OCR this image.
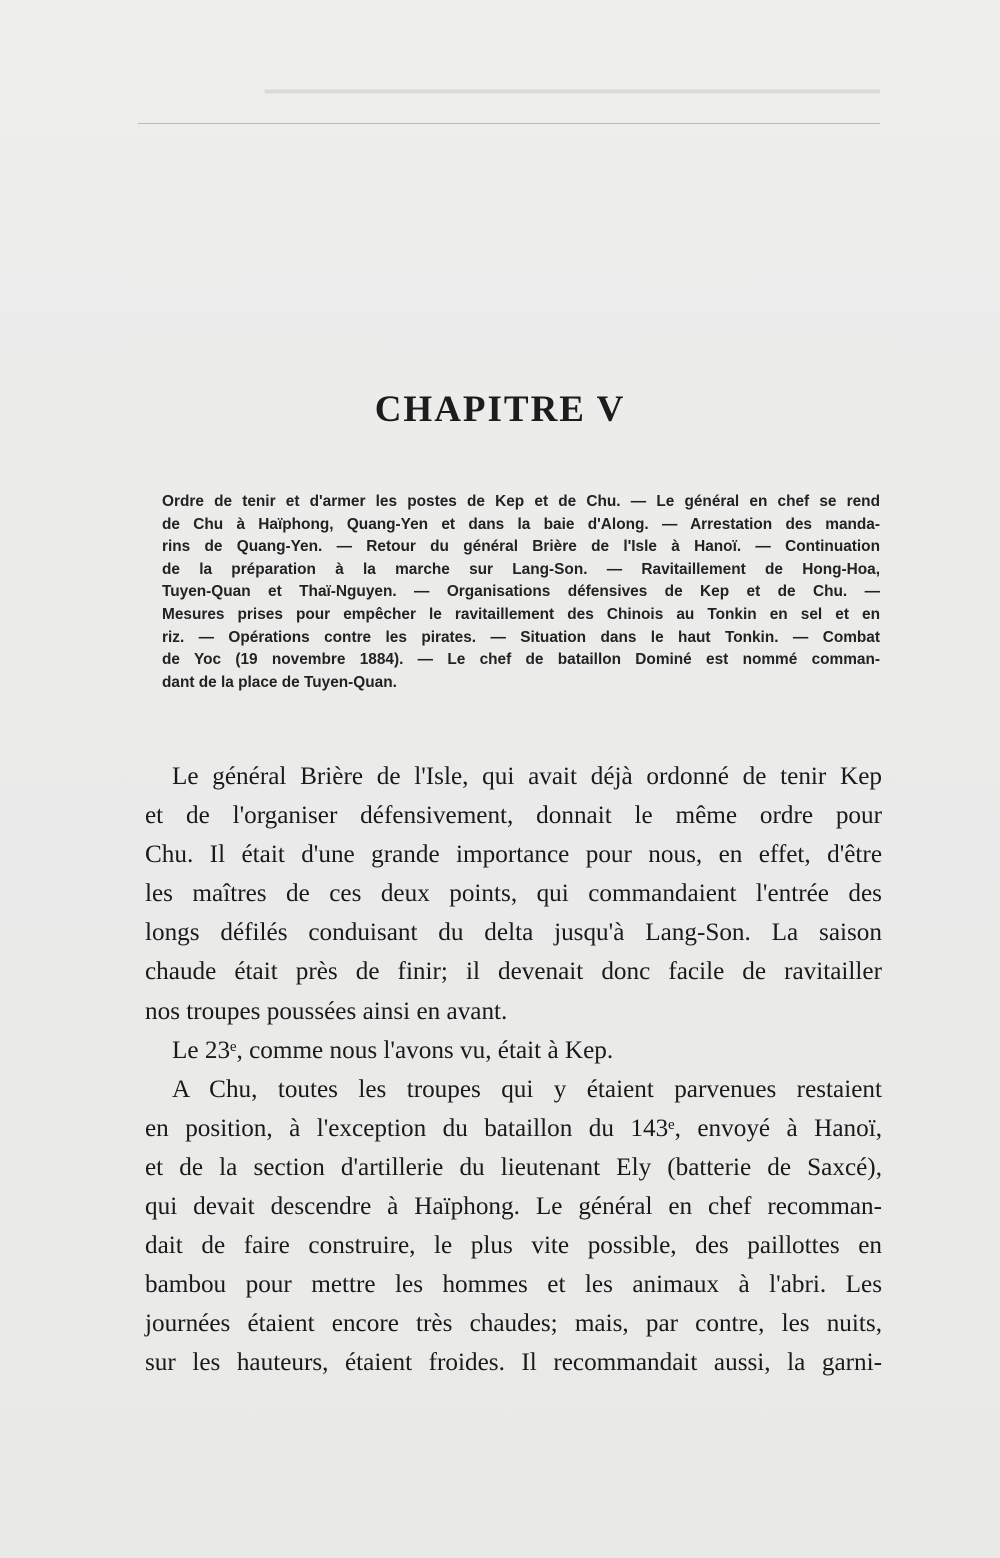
▁▁▁▁▁▁▁▁▁▁▁▁▁▁▁▁▁▁▁▁▁▁▁▁▁▁▁▁▁▁▁▁
CHAPITRE V
Ordre de tenir et d'armer les postes de Kep et de Chu. — Le général en chef se rend
de Chu à Haïphong, Quang-Yen et dans la baie d'Along. — Arrestation des manda-
rins de Quang-Yen. — Retour du général Brière de l'Isle à Hanoï. — Continuation
de la préparation à la marche sur Lang-Son. — Ravitaillement de Hong-Hoa,
Tuyen-Quan et Thaï-Nguyen. — Organisations défensives de Kep et de Chu. —
Mesures prises pour empêcher le ravitaillement des Chinois au Tonkin en sel et en
riz. — Opérations contre les pirates. — Situation dans le haut Tonkin. — Combat
de Yoc (19 novembre 1884). — Le chef de bataillon Dominé est nommé comman-
dant de la place de Tuyen-Quan.
Le général Brière de l'Isle, qui avait déjà ordonné de tenir Kep
et de l'organiser défensivement, donnait le même ordre pour
Chu. Il était d'une grande importance pour nous, en effet, d'être
les maîtres de ces deux points, qui commandaient l'entrée des
longs défilés conduisant du delta jusqu'à Lang-Son. La saison
chaude était près de finir; il devenait donc facile de ravitailler
nos troupes poussées ainsi en avant.
Le 23ᵉ, comme nous l'avons vu, était à Kep.
A Chu, toutes les troupes qui y étaient parvenues restaient
en position, à l'exception du bataillon du 143ᵉ, envoyé à Hanoï,
et de la section d'artillerie du lieutenant Ely (batterie de Saxcé),
qui devait descendre à Haïphong. Le général en chef recomman-
dait de faire construire, le plus vite possible, des paillottes en
bambou pour mettre les hommes et les animaux à l'abri. Les
journées étaient encore très chaudes; mais, par contre, les nuits,
sur les hauteurs, étaient froides. Il recommandait aussi, la garni-
